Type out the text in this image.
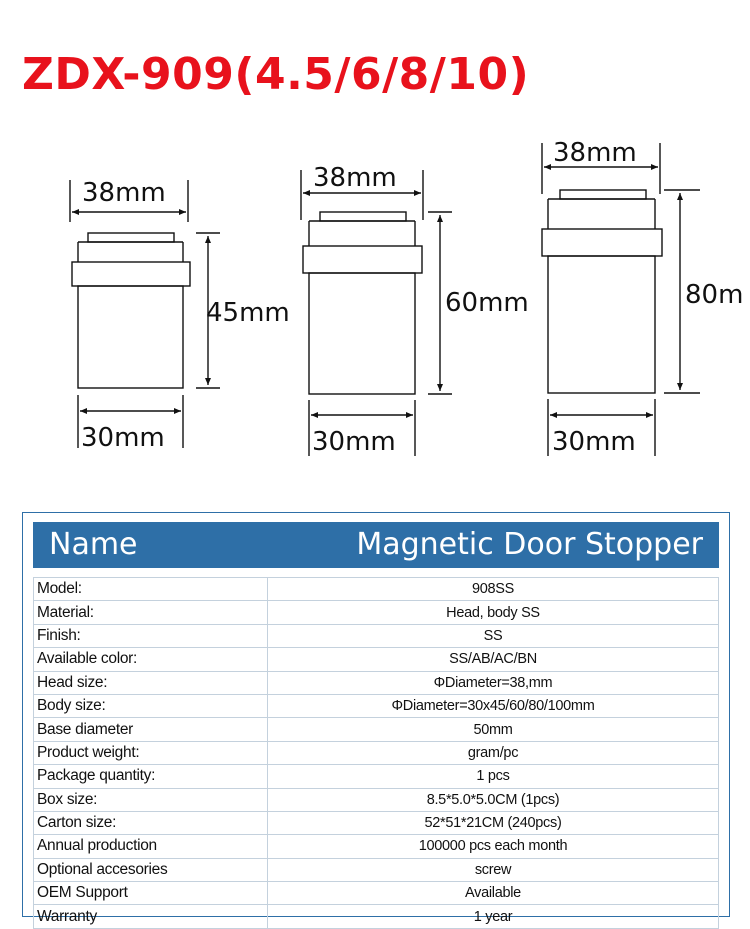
ZDX-909(4.5/6/8/10)
38mm
45mm
30mm
38mm
60mm
30mm
38mm
80m
30mm
Name	Magnetic Door Stopper
Model:	908SS
Material:	Head, body SS
Finish:	SS
Available color:	SS/AB/AC/BN
Head size:	ΦDiameter=38,mm
Body size:	ΦDiameter=30x45/60/80/100mm
Base diameter	50mm
Product weight:	gram/pc
Package quantity:	1 pcs
Box size:	8.5*5.0*5.0CM (1pcs)
Carton size:	52*51*21CM (240pcs)
Annual production	100000 pcs each month
Optional accesories	screw
OEM Support	Available
Warranty	1 year
